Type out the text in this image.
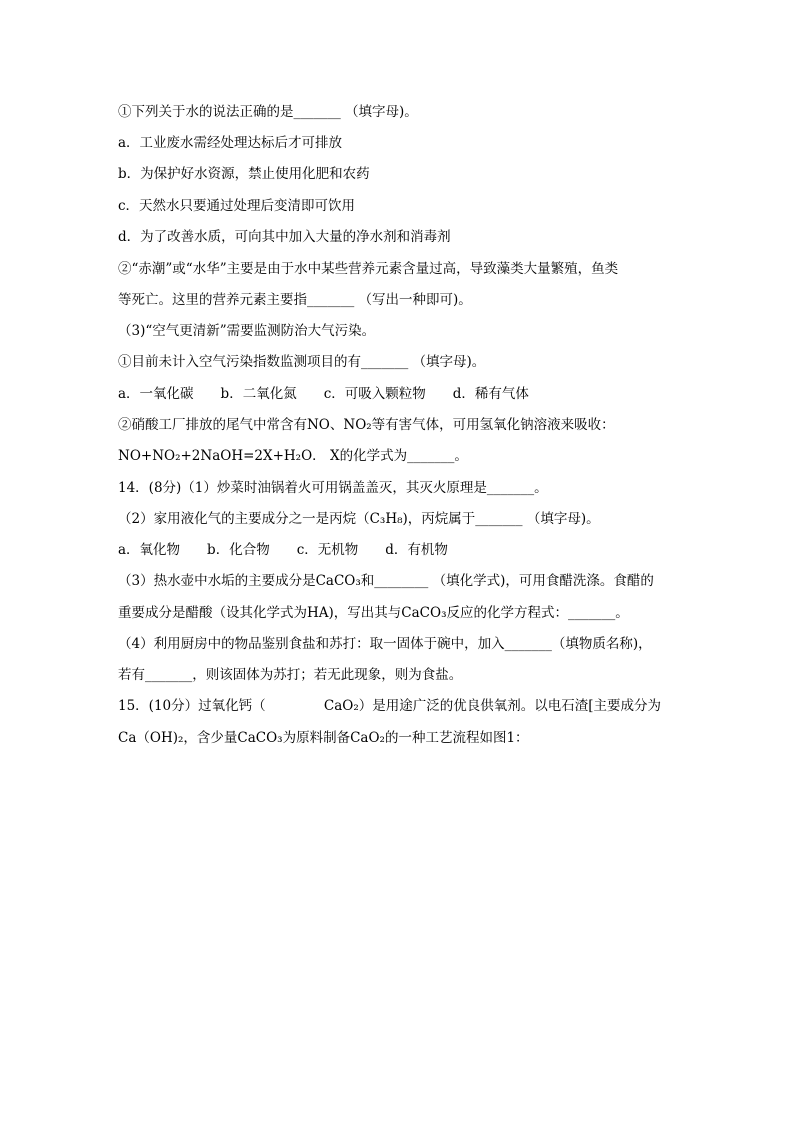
①下列关于水的说法正确的是_______ （填字母)。
a．工业废水需经处理达标后才可排放
b．为保护好水资源，禁止使用化肥和农药
c．天然水只要通过处理后变清即可饮用
d．为了改善水质，可向其中加入大量的净水剂和消毒剂
②“赤潮”或“水华”主要是由于水中某些营养元素含量过高，导致藻类大量繁殖，鱼类
等死亡。这里的营养元素主要指_______ （写出一种即可)。
（3)“空气更清新”需要监测防治大气污染。
①目前未计入空气污染指数监测项目的有_______ （填字母)。
a．一氧化碳　　b．二氧化氮　　c．可吸入颗粒物　　d．稀有气体
②硝酸工厂排放的尾气中常含有NO、NO₂等有害气体，可用氢氧化钠溶液来吸收：
NO+NO₂+2NaOH=2X+H₂O． X的化学式为_______。
14．(8分)（1）炒菜时油锅着火可用锅盖盖灭，其灭火原理是_______。
（2）家用液化气的主要成分之一是丙烷（C₃H₈)，丙烷属于_______ （填字母)。
a．氧化物　　b．化合物　　c．无机物　　d．有机物
（3）热水壶中水垢的主要成分是CaCO₃和________ （填化学式)，可用食醋洗涤。食醋的
重要成分是醋酸（设其化学式为HA)，写出其与CaCO₃反应的化学方程式：_______。
（4）利用厨房中的物品鉴别食盐和苏打：取一固体于碗中，加入_______（填物质名称)，
若有_______，则该固体为苏打；若无此现象，则为食盐。
15．(10分）过氧化钙（　　　　 CaO₂）是用途广泛的优良供氧剂。以电石渣[主要成分为
Ca（OH)₂，含少量CaCO₃为原料制备CaO₂的一种工艺流程如图1：
